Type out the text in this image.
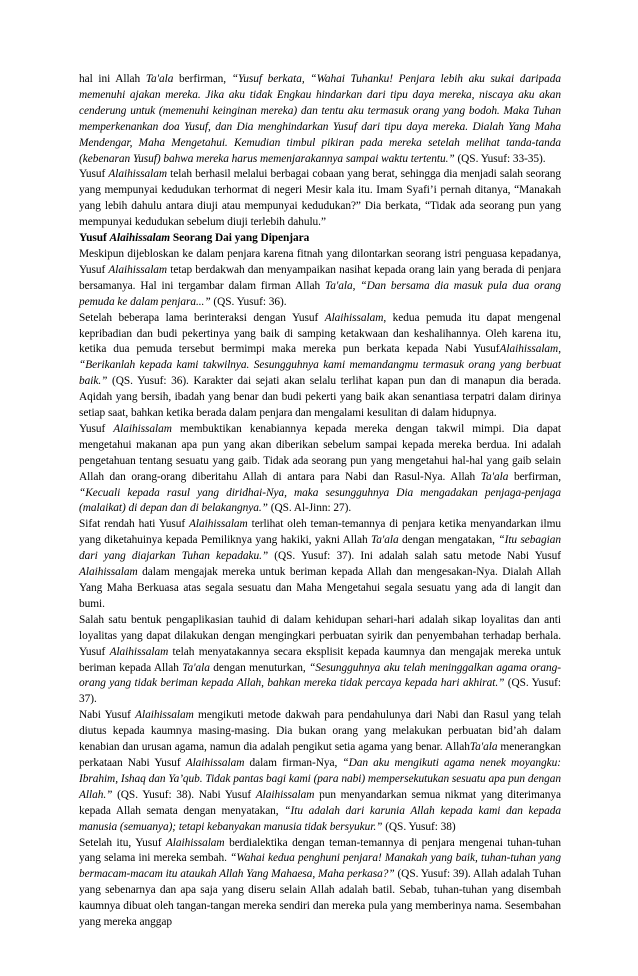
hal ini Allah Ta'ala berfirman, “Yusuf berkata, “Wahai Tuhanku! Penjara lebih aku sukai daripada memenuhi ajakan mereka. Jika aku tidak Engkau hindarkan dari tipu daya mereka, niscaya aku akan cenderung untuk (memenuhi keinginan mereka) dan tentu aku termasuk orang yang bodoh. Maka Tuhan memperkenankan doa Yusuf, dan Dia menghindarkan Yusuf dari tipu daya mereka. Dialah Yang Maha Mendengar, Maha Mengetahui. Kemudian timbul pikiran pada mereka setelah melihat tanda-tanda (kebenaran Yusuf) bahwa mereka harus memenjarakannya sampai waktu tertentu.” (QS. Yusuf: 33-35).

Yusuf Alaihissalam telah berhasil melalui berbagai cobaan yang berat, sehingga dia menjadi salah seorang yang mempunyai kedudukan terhormat di negeri Mesir kala itu. Imam Syafi’i pernah ditanya, “Manakah yang lebih dahulu antara diuji atau mempunyai kedudukan?” Dia berkata, “Tidak ada seorang pun yang mempunyai kedudukan sebelum diuji terlebih dahulu.”

Yusuf Alaihissalam Seorang Dai yang Dipenjara

Meskipun dijebloskan ke dalam penjara karena fitnah yang dilontarkan seorang istri penguasa kepadanya, Yusuf Alaihissalam tetap berdakwah dan menyampaikan nasihat kepada orang lain yang berada di penjara bersamanya. Hal ini tergambar dalam firman Allah Ta'ala, “Dan bersama dia masuk pula dua orang pemuda ke dalam penjara...” (QS. Yusuf: 36).

Setelah beberapa lama berinteraksi dengan Yusuf Alaihissalam, kedua pemuda itu dapat mengenal kepribadian dan budi pekertinya yang baik di samping ketakwaan dan keshalihannya. Oleh karena itu, ketika dua pemuda tersebut bermimpi maka mereka pun berkata kepada Nabi YusufAlaihissalam, “Berikanlah kepada kami takwilnya. Sesungguhnya kami memandangmu termasuk orang yang berbuat baik.” (QS. Yusuf: 36). Karakter dai sejati akan selalu terlihat kapan pun dan di manapun dia berada. Aqidah yang bersih, ibadah yang benar dan budi pekerti yang baik akan senantiasa terpatri dalam dirinya setiap saat, bahkan ketika berada dalam penjara dan mengalami kesulitan di dalam hidupnya.

Yusuf Alaihissalam membuktikan kenabiannya kepada mereka dengan takwil mimpi. Dia dapat mengetahui makanan apa pun yang akan diberikan sebelum sampai kepada mereka berdua. Ini adalah pengetahuan tentang sesuatu yang gaib. Tidak ada seorang pun yang mengetahui hal-hal yang gaib selain Allah dan orang-orang diberitahu Allah di antara para Nabi dan Rasul-Nya. Allah Ta'ala berfirman, “Kecuali kepada rasul yang diridhai-Nya, maka sesungguhnya Dia mengadakan penjaga-penjaga (malaikat) di depan dan di belakangnya.” (QS. Al-Jinn: 27).

Sifat rendah hati Yusuf Alaihissalam terlihat oleh teman-temannya di penjara ketika menyandarkan ilmu yang diketahuinya kepada Pemiliknya yang hakiki, yakni Allah Ta'ala dengan mengatakan, “Itu sebagian dari yang diajarkan Tuhan kepadaku.” (QS. Yusuf: 37). Ini adalah salah satu metode Nabi Yusuf Alaihissalam dalam mengajak mereka untuk beriman kepada Allah dan mengesakan-Nya. Dialah Allah Yang Maha Berkuasa atas segala sesuatu dan Maha Mengetahui segala sesuatu yang ada di langit dan bumi.

Salah satu bentuk pengaplikasian tauhid di dalam kehidupan sehari-hari adalah sikap loyalitas dan anti loyalitas yang dapat dilakukan dengan mengingkari perbuatan syirik dan penyembahan terhadap berhala. Yusuf Alaihissalam telah menyatakannya secara eksplisit kepada kaumnya dan mengajak mereka untuk beriman kepada Allah Ta'ala dengan menuturkan, “Sesungguhnya aku telah meninggalkan agama orang-orang yang tidak beriman kepada Allah, bahkan mereka tidak percaya kepada hari akhirat.” (QS. Yusuf: 37).

Nabi Yusuf Alaihissalam mengikuti metode dakwah para pendahulunya dari Nabi dan Rasul yang telah diutus kepada kaumnya masing-masing. Dia bukan orang yang melakukan perbuatan bid’ah dalam kenabian dan urusan agama, namun dia adalah pengikut setia agama yang benar. AllahTa'ala menerangkan perkataan Nabi Yusuf Alaihissalam dalam firman-Nya, “Dan aku mengikuti agama nenek moyangku: Ibrahim, Ishaq dan Ya’qub. Tidak pantas bagi kami (para nabi) mempersekutukan sesuatu apa pun dengan Allah.” (QS. Yusuf: 38). Nabi Yusuf Alaihissalam pun menyandarkan semua nikmat yang diterimanya kepada Allah semata dengan menyatakan, “Itu adalah dari karunia Allah kepada kami dan kepada manusia (semuanya); tetapi kebanyakan manusia tidak bersyukur.” (QS. Yusuf: 38)

Setelah itu, Yusuf Alaihissalam berdialektika dengan teman-temannya di penjara mengenai tuhan-tuhan yang selama ini mereka sembah. “Wahai kedua penghuni penjara! Manakah yang baik, tuhan-tuhan yang bermacam-macam itu ataukah Allah Yang Mahaesa, Maha perkasa?” (QS. Yusuf: 39). Allah adalah Tuhan yang sebenarnya dan apa saja yang diseru selain Allah adalah batil. Sebab, tuhan-tuhan yang disembah kaumnya dibuat oleh tangan-tangan mereka sendiri dan mereka pula yang memberinya nama. Sesembahan yang mereka anggap
